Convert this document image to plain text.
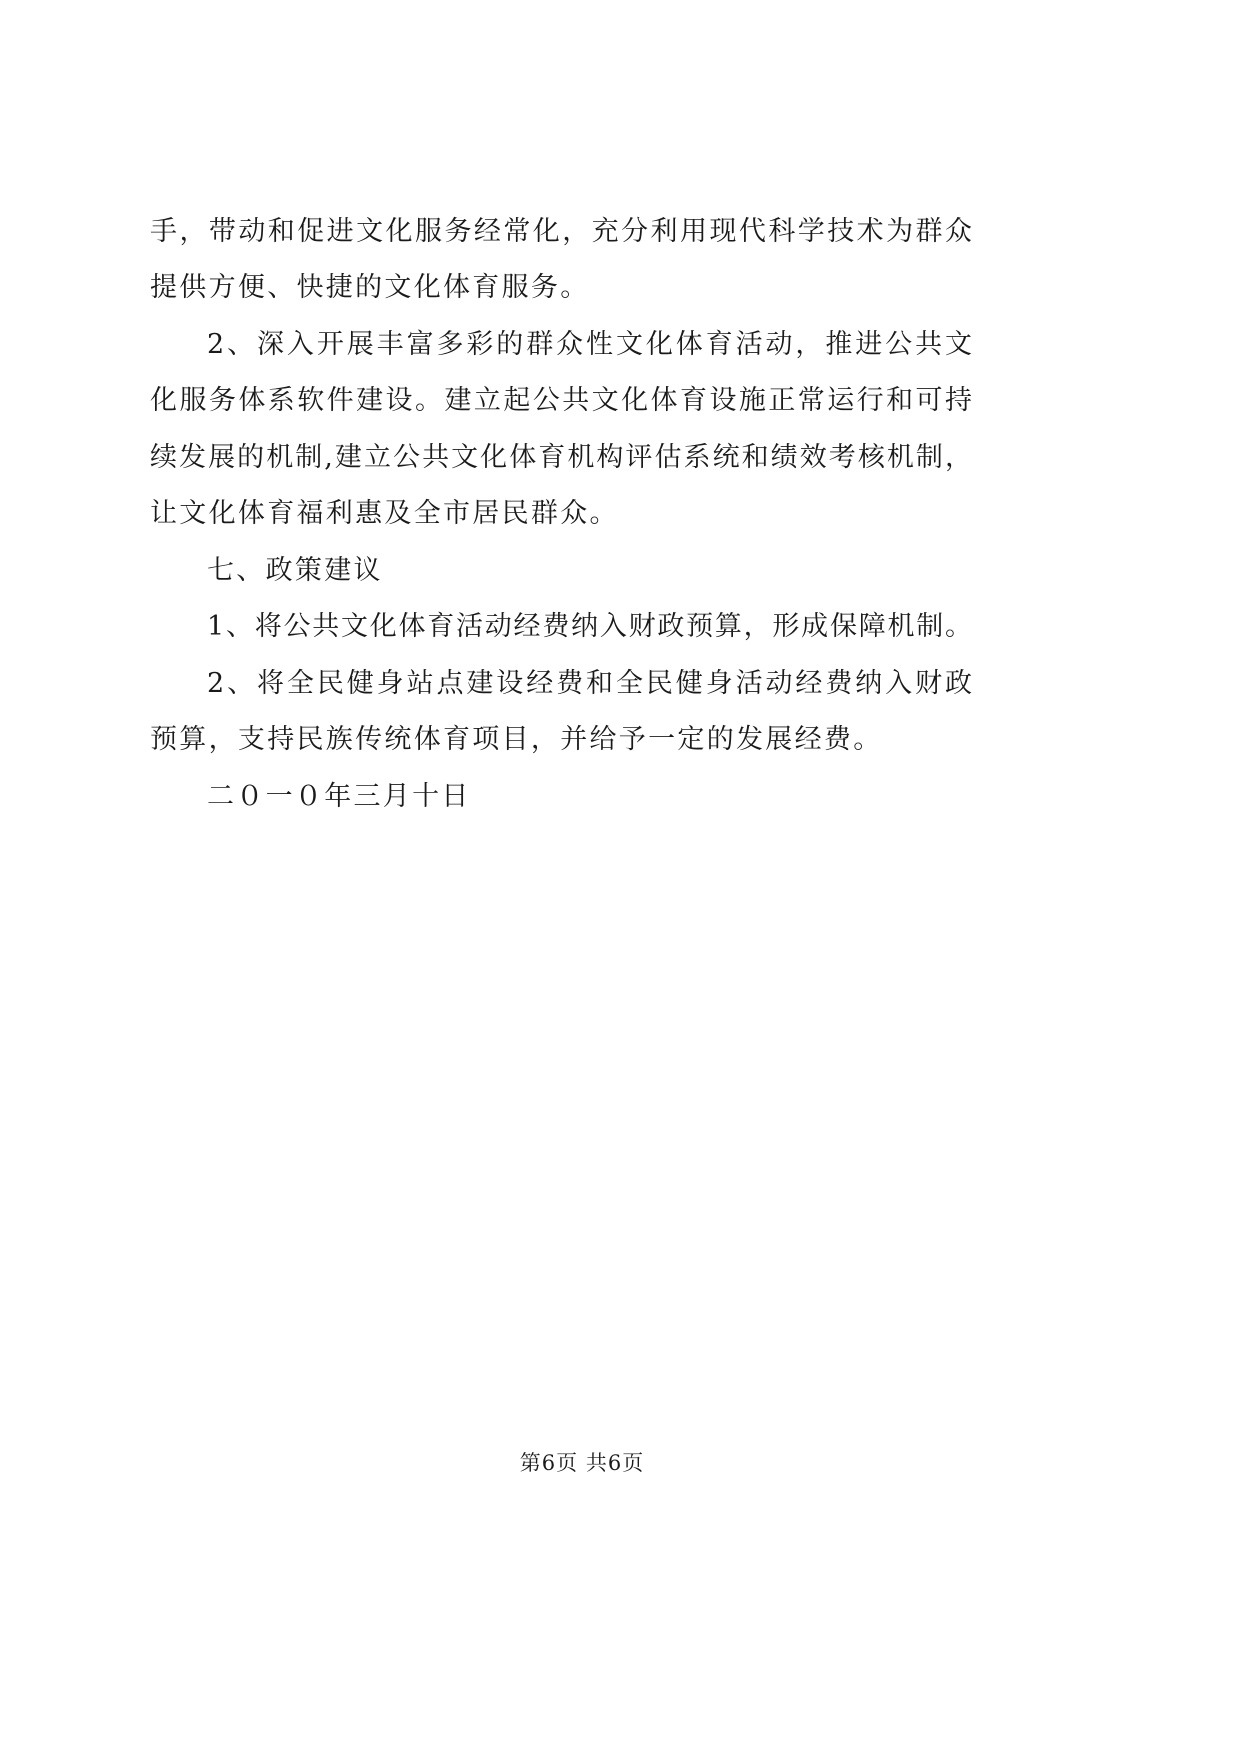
手，带动和促进文化服务经常化，充分利用现代科学技术为群众
提供方便、快捷的文化体育服务。
2、深入开展丰富多彩的群众性文化体育活动，推进公共文
化服务体系软件建设。建立起公共文化体育设施正常运行和可持
续发展的机制,建立公共文化体育机构评估系统和绩效考核机制，
让文化体育福利惠及全市居民群众。
七、政策建议
1、将公共文化体育活动经费纳入财政预算，形成保障机制。
2、将全民健身站点建设经费和全民健身活动经费纳入财政
预算，支持民族传统体育项目，并给予一定的发展经费。
二０一０年三月十日
第6页 共6页
